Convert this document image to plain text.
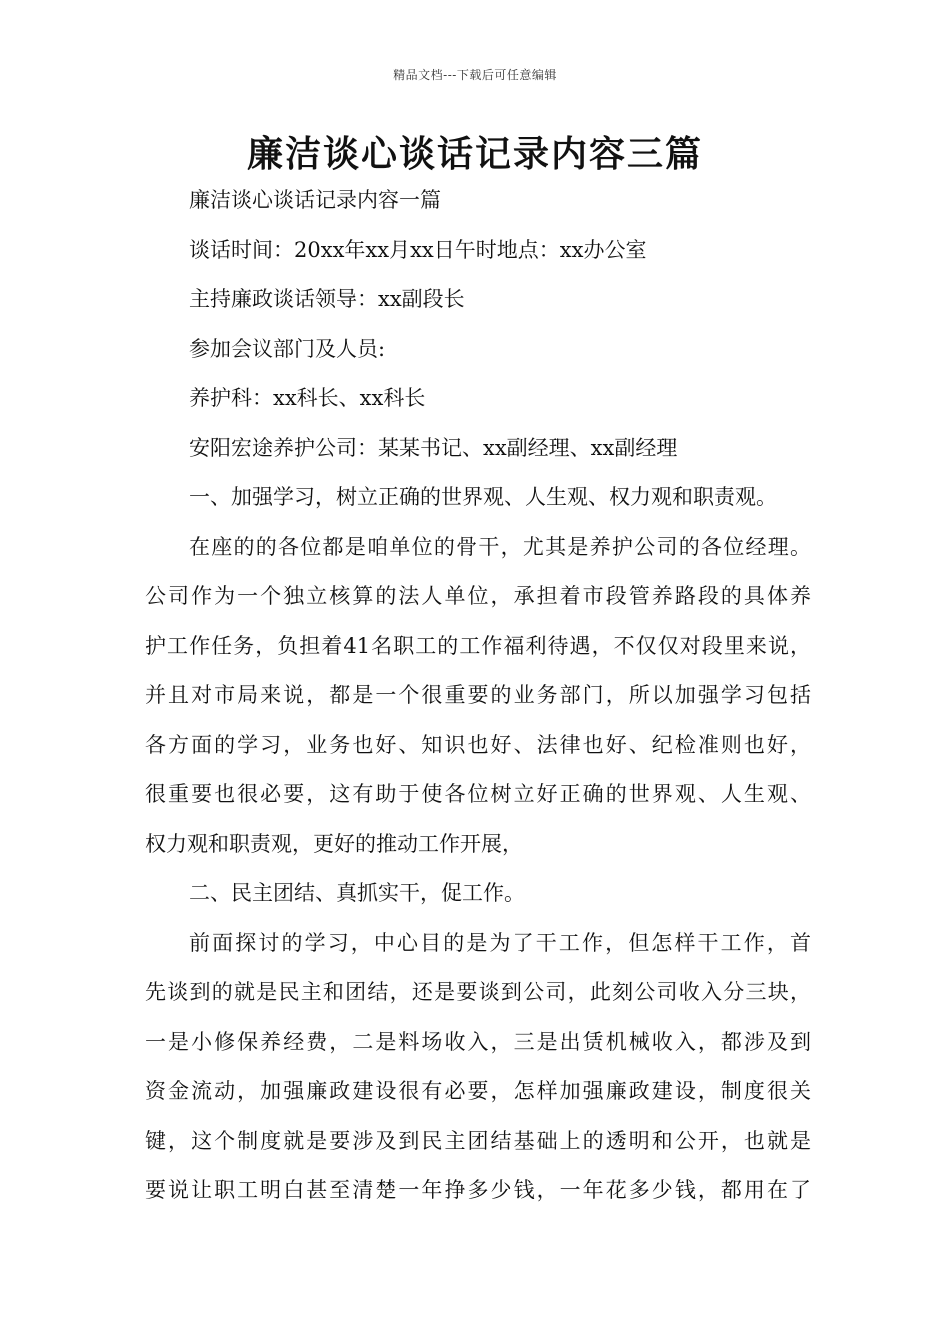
精品文档---下载后可任意编辑
廉洁谈心谈话记录内容三篇

廉洁谈心谈话记录内容一篇

谈话时间：20xx年xx月xx日午时地点：xx办公室

主持廉政谈话领导：xx副段长

参加会议部门及人员:

养护科：xx科长、xx科长

安阳宏途养护公司：某某书记、xx副经理、xx副经理

一、加强学习，树立正确的世界观、人生观、权力观和职责观。

在座的的各位都是咱单位的骨干，尤其是养护公司的各位经理。

公司作为一个独立核算的法人单位，承担着市段管养路段的具体养

护工作任务，负担着41名职工的工作福利待遇，不仅仅对段里来说，

并且对市局来说，都是一个很重要的业务部门，所以加强学习包括

各方面的学习，业务也好、知识也好、法律也好、纪检准则也好，

很重要也很必要，这有助于使各位树立好正确的世界观、人生观、

权力观和职责观，更好的推动工作开展，

二、民主团结、真抓实干，促工作。

前面探讨的学习，中心目的是为了干工作，但怎样干工作，首

先谈到的就是民主和团结，还是要谈到公司，此刻公司收入分三块，

一是小修保养经费，二是料场收入，三是出赁机械收入，都涉及到

资金流动，加强廉政建设很有必要，怎样加强廉政建设，制度很关

键，这个制度就是要涉及到民主团结基础上的透明和公开，也就是

要说让职工明白甚至清楚一年挣多少钱，一年花多少钱，都用在了
